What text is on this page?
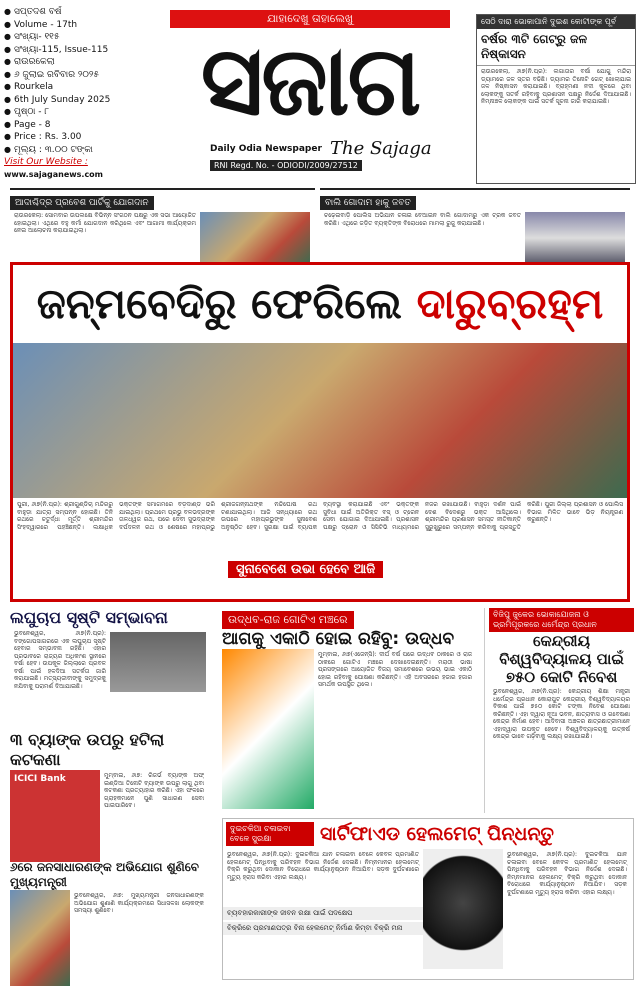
● ସପ୍ତଦଶ ବର୍ଷ
● Volume - 17th
● ସଂଖ୍ୟା- ୧୧୫
● ସଂଖ୍ୟା-115, Issue-115
● ରାଉରକେଲା
● ୬ ଜୁଲାଇ ରବିବାର ୨୦୨୫
● Rourkela
● 6th July Sunday 2025
● ପୃଷ୍ଠା - ୮
● Page - 8
● Price : Rs. 3.00
● ମୂଲ୍ୟ : ୩.୦୦ ଟଙ୍କା
Visit Our Website :
www.sajaganews.com
ଯାହାଦେଖୁ ତାହାଲେଖୁ
ସଜାଗ
Daily Odia Newspaper
RNI Regd. No. - ODIODI/2009/27512
The Sajaga
ସେଠି ଦାରା ଭୋକାପାନି ଦୁଇଶ କୋଟୀଙ୍କ ପୂର୍ବ
ବର୍ଷର ୩ଟି ଗେଟ୍ରୁ ଜଳ ନିଷ୍କାସନ
ରାଉରକେଲା, ୬ା୭(ନି.ପ୍ର): ଲଗାତାର ବର୍ଷା ଯୋଗୁ ମନ୍ଦିରା ଡ୍ୟାମରେ ଜଳ ସ୍ତର ବଢିଛି। ଡ୍ୟାମର ତିନୋଟି ଗେଟ୍ ଖୋଲାଯାଇ ଜଳ ନିଷ୍କାସନ କରାଯାଇଛି। ବ୍ରାହ୍ମଣୀ ନଦୀ କୂଳରେ ଥିବା ଲୋକଙ୍କୁ ସତର୍କ ରହିବାକୁ ପ୍ରଶାସନ ପକ୍ଷରୁ ନିର୍ଦ୍ଦେଶ ଦିଆଯାଇଛି। ନିମ୍ନାଞ୍ଚଳ ଲୋକଙ୍କ ପାଇଁ ସତର୍କ ସୂଚନା ଜାରି କରାଯାଇଛି।
ଆଦାଶ୍ଚିଦ୍ର ପ୍ରବେଶ ପାର୍ଟିକୁ ଯୋଗଦାନ
ରାଉରକେଲା: ସୋମବାର ଉପଲକ୍ଷେ ବିଭିନ୍ନ ସଂଗଠନ ପକ୍ଷରୁ ଏକ ସଭା ଆୟୋଜିତ ହୋଇଥିଲା। ଏଥିରେ ବହୁ କର୍ମୀ ଯୋଗଦାନ କରିଥିଲେ ଏବଂ ଆଗାମୀ କାର୍ଯ୍ୟକ୍ରମ ନେଇ ଆଲୋଚନା କରାଯାଇଥିଲା।
ବାଲି ଗୋଦାମ ହାକୁ ଜବତ
ଚଢ଼େଇବାଡ଼ି ପୋଲିସ ଅଭିଯାନ ଚଳାଇ ବେଆଇନ ବାଲି ଗୋଦାମରୁ ଏକ ଟ୍ରକ ଜବତ କରିଛି। ଏଥିରେ ଜଡ଼ିତ ବ୍ୟକ୍ତିଙ୍କ ବିରୋଧରେ ମାମଲା ରୁଜୁ କରାଯାଇଛି।
ଜନ୍ମବେଦିରୁ ଫେରିଲେ ଦାରୁବ୍ରହ୍ମ
ପୁରୀ, ୬ା୭(ନି.ପ୍ର): ଶ୍ରୀଗୁଣ୍ଡିଚା ମନ୍ଦିରରୁ ବାହୁଡ଼ା ଯାତ୍ରା ସମ୍ପନ୍ନ ହୋଇଛି। ତିନି ରଥରେ ଚତୁର୍ଦ୍ଧା ମୂର୍ତ୍ତି ଶ୍ରୀମନ୍ଦିର ସିଂହଦ୍ୱାରରେ ପହଞ୍ଚିଛନ୍ତି। ଲକ୍ଷାଧିକ ଭକ୍ତଙ୍କ ସମାଗମରେ ବଡ଼ଦାଣ୍ଡ ଭରି ଯାଇଥିଲା। ପ୍ରଥମେ ପ୍ରଭୁ ବଳଭଦ୍ରଙ୍କ ତାଳଧ୍ୱଜ ରଥ, ପରେ ଦେବୀ ସୁଭଦ୍ରାଙ୍କ ଦର୍ପଦଳନ ରଥ ଓ ଶେଷରେ ମହାପ୍ରଭୁ ଶ୍ରୀଜଗନ୍ନାଥଙ୍କ ନନ୍ଦିଘୋଷ ରଥ ଟଣାଯାଇଥିଲା। ଆଜି ସନ୍ଧ୍ୟାରେ ରଥ ଉପରେ ମହାପ୍ରଭୁଙ୍କ ସୁନାବେଶ ଅନୁଷ୍ଠିତ ହେବ। ସୁରକ୍ଷା ପାଇଁ ବ୍ୟାପକ ବ୍ୟବସ୍ଥା କରାଯାଇଛି ଏବଂ ଭକ୍ତଙ୍କ ସୁବିଧା ପାଇଁ ଅତିରିକ୍ତ ବସ୍ ଓ ଟ୍ରେନ ସେବା ଯୋଗାଇ ଦିଆଯାଇଛି। ପ୍ରଶାସନ ପକ୍ଷରୁ ଡ୍ରୋନ ଓ ସିସିଟିଭି ମାଧ୍ୟମରେ ନଜର ରଖାଯାଉଛି। ବାହୁଡ଼ା ଦର୍ଶନ ପାଇଁ ଦେଶ ବିଦେଶରୁ ଭକ୍ତ ଆସିଥିଲେ। ଶ୍ରୀମନ୍ଦିର ପ୍ରଶାସନ ସମସ୍ତ ନୀତିକାନ୍ତି ସୁରୁଖୁରୁରେ ସମ୍ପନ୍ନ କରିବାକୁ ପ୍ରସ୍ତୁତି କରିଛି। ପୁରୀ ଜିଲ୍ଲା ପ୍ରଶାସନ ଓ ପୋଲିସ ବିଭାଗ ମିଳିତ ଭାବେ ଭିଡ଼ ନିୟନ୍ତ୍ରଣ କରୁଛନ୍ତି।
ସୁନାବେଶେ ଉଭା ହେବେ ଆଜି
ଲଘୁଚାପ ସୃଷ୍ଟି ସମ୍ଭାବନା
ଭୁବନେଶ୍ୱର, ୬ା୭(ନି.ପ୍ର): ବଙ୍ଗୋପସାଗରରେ ଏକ ଲଘୁଚାପ ସୃଷ୍ଟି ହେବାର ସମ୍ଭାବନା ରହିଛି। ଏହାର ପ୍ରଭାବରେ ରାଜ୍ୟର ଅଧିକାଂଶ ସ୍ଥାନରେ ବର୍ଷା ହେବ। ଉପକୂଳ ଜିଲ୍ଲାରେ ପ୍ରବଳ ବର୍ଷା ପାଇଁ ହଳଦିଆ ସତର୍କତା ଜାରି କରାଯାଇଛି। ମତ୍ସ୍ୟଜୀବୀଙ୍କୁ ସମୁଦ୍ରକୁ ନଯିବାକୁ ପରାମର୍ଶ ଦିଆଯାଇଛି।
୩ ବ୍ୟାଙ୍କ ଉପରୁ ହଟିଲା କଟକଣା
ICICI Bank	ମୁମ୍ବାଇ, ୬ା୭: ରିଜର୍ଭ ବ୍ୟାଙ୍କ ଅଫ୍ ଇଣ୍ଡିଆ ତିନୋଟି ବ୍ୟାଙ୍କ ଉପରୁ ଲାଗୁ ଥିବା କଟକଣା ପ୍ରତ୍ୟାହାର କରିଛି। ଏହା ଫଳରେ ଗ୍ରାହକମାନେ ପୁଣି ସାଧାରଣ ସେବା ପାଇପାରିବେ।
୬ରେ ଜନସାଧାରଣଙ୍କ ଅଭିଯୋଗ ଶୁଣିବେ ମୁଖ୍ୟମନ୍ତ୍ରୀ
ଭୁବନେଶ୍ୱର, ୬ା୭: ମୁଖ୍ୟମନ୍ତ୍ରୀ ଜନସାଧାରଣଙ୍କ ଅଭିଯୋଗ ଶୁଣାଣି କାର୍ଯ୍ୟକ୍ରମରେ ସିଧାସଳଖ ଲୋକଙ୍କ ସମସ୍ୟା ଶୁଣିବେ।
ଉଦ୍ଧବ-ରାଜ ଗୋଟିଏ ମଞ୍ଚରେ
ଆଗକୁ ଏକାଠି ହୋଇ ରହିବୁ: ଉଦ୍ଧବ
ମୁମ୍ବାଇ, ୬ା୭(ଏଜେନ୍ସି): ଦୀର୍ଘ ବର୍ଷ ପରେ ଉଦ୍ଧବ ଠାକରେ ଓ ରାଜ ଠାକରେ ଗୋଟିଏ ମଞ୍ଚରେ ଦେଖାଦେଇଛନ୍ତି। ମରାଠୀ ଭାଷା ପ୍ରସଙ୍ଗରେ ଆୟୋଜିତ ବିଜୟ ସମାବେଶରେ ଉଭୟ ଭାଇ ଏକାଠି ହୋଇ ରହିବାକୁ ଘୋଷଣା କରିଛନ୍ତି। ଏହି ଅବସରରେ ହଜାର ହଜାର ସମର୍ଥକ ଉପସ୍ଥିତ ଥିଲେ।
ବିଜିପୁ ଜୁକେର ଭୋକାଯୋଜନା ଓ ଭ୍ରମିପୂରକରେ ଧର୍ମେନ୍ଦ୍ର ପ୍ରଧାନ
କେନ୍ଦ୍ରୀୟ ବିଶ୍ୱବିଦ୍ୟାଳୟ ପାଇଁ ୭୫୦ କୋଟି ନିବେଶ
ଭୁବନେଶ୍ୱର, ୬ା୭(ନି.ପ୍ର): କେନ୍ଦ୍ରୀୟ ଶିକ୍ଷା ମନ୍ତ୍ରୀ ଧର୍ମେନ୍ଦ୍ର ପ୍ରଧାନ କୋରାପୁଟ କେନ୍ଦ୍ରୀୟ ବିଶ୍ୱବିଦ୍ୟାଳୟର ବିକାଶ ପାଇଁ ୭୫୦ କୋଟି ଟଙ୍କା ନିବେଶ ଘୋଷଣା କରିଛନ୍ତି। ଏହା ଦ୍ୱାରା ନୂଆ ଭବନ, ଛାତ୍ରାବାସ ଓ ଗବେଷଣା କେନ୍ଦ୍ର ନିର୍ମାଣ ହେବ। ଆଦିବାସୀ ଅଞ୍ଚଳର ଛାତ୍ରଛାତ୍ରୀମାନେ ଏହାଦ୍ୱାରା ଉପକୃତ ହେବେ। ବିଶ୍ୱବିଦ୍ୟାଳୟକୁ ଉତ୍କର୍ଷ କେନ୍ଦ୍ର ଭାବେ ଗଢ଼ିବାକୁ ଲକ୍ଷ୍ୟ ରଖାଯାଇଛି।
ଦୁଇଚକିଆ ଚଳାଇବା ବେଳେ ସୁରକ୍ଷା	ସାର୍ଟିଫାଏଡ ହେଲମେଟ୍ ପିନ୍ଧନ୍ତୁ
ଭୁବନେଶ୍ୱର, ୬ା୭(ନି.ପ୍ର): ଦୁଇଚକିଆ ଯାନ ଚଳାଇବା ବେଳେ କେବଳ ପ୍ରମାଣିତ ହେଲମେଟ୍ ପିନ୍ଧିବାକୁ ପରିବହନ ବିଭାଗ ନିର୍ଦ୍ଦେଶ ଦେଇଛି। ନିମ୍ନମାନର ହେଲମେଟ୍ ବିକ୍ରି କରୁଥିବା ଦୋକାନ ବିରୋଧରେ କାର୍ଯ୍ୟାନୁଷ୍ଠାନ ନିଆଯିବ। ସଡ଼କ ଦୁର୍ଘଟଣାରେ ମୃତ୍ୟୁ ହ୍ରାସ କରିବା ଏହାର ଲକ୍ଷ୍ୟ।
ବ୍ୟବହାରକାରୀଙ୍କ ଜୀବନ ରକ୍ଷା ପାଇଁ ପଦକ୍ଷେପ
ବିକ୍ରିରେ ପ୍ରମାଣପତ୍ର ବିନା ହେଲମେଟ୍ ନିର୍ମାଣ କିମ୍ବା ବିକ୍ରି ମନା
ଭୁବନେଶ୍ୱର, ୬ା୭(ନି.ପ୍ର): ଦୁଇଚକିଆ ଯାନ ଚଳାଇବା ବେଳେ କେବଳ ପ୍ରମାଣିତ ହେଲମେଟ୍ ପିନ୍ଧିବାକୁ ପରିବହନ ବିଭାଗ ନିର୍ଦ୍ଦେଶ ଦେଇଛି। ନିମ୍ନମାନର ହେଲମେଟ୍ ବିକ୍ରି କରୁଥିବା ଦୋକାନ ବିରୋଧରେ କାର୍ଯ୍ୟାନୁଷ୍ଠାନ ନିଆଯିବ। ସଡ଼କ ଦୁର୍ଘଟଣାରେ ମୃତ୍ୟୁ ହ୍ରାସ କରିବା ଏହାର ଲକ୍ଷ୍ୟ।
